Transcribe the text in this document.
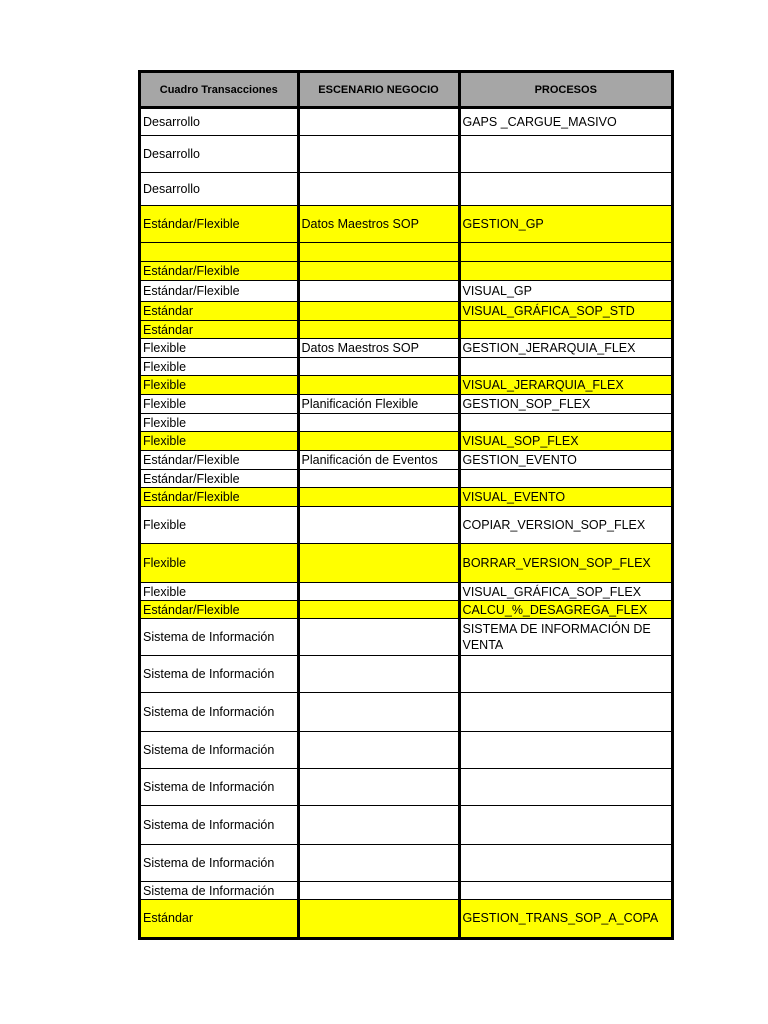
Cuadro Transacciones	ESCENARIO NEGOCIO	PROCESOS
Desarrollo		GAPS _CARGUE_MASIVO
Desarrollo		
Desarrollo		
Estándar/Flexible	Datos Maestros SOP	GESTION_GP

Estándar/Flexible		
Estándar/Flexible		VISUAL_GP
Estándar		VISUAL_GRÁFICA_SOP_STD
Estándar		
Flexible	Datos Maestros SOP	GESTION_JERARQUIA_FLEX
Flexible		
Flexible		VISUAL_JERARQUIA_FLEX
Flexible	Planificación Flexible	GESTION_SOP_FLEX
Flexible		
Flexible		VISUAL_SOP_FLEX
Estándar/Flexible	Planificación de Eventos	GESTION_EVENTO
Estándar/Flexible		
Estándar/Flexible		VISUAL_EVENTO
Flexible		COPIAR_VERSION_SOP_FLEX
Flexible		BORRAR_VERSION_SOP_FLEX
Flexible		VISUAL_GRÁFICA_SOP_FLEX
Estándar/Flexible		CALCU_%_DESAGREGA_FLEX
Sistema de Información		SISTEMA DE INFORMACIÓN DE VENTA
Sistema de Información		
Sistema de Información		
Sistema de Información		
Sistema de Información		
Sistema de Información		
Sistema de Información		
Sistema de Información		
Estándar		GESTION_TRANS_SOP_A_COPA
